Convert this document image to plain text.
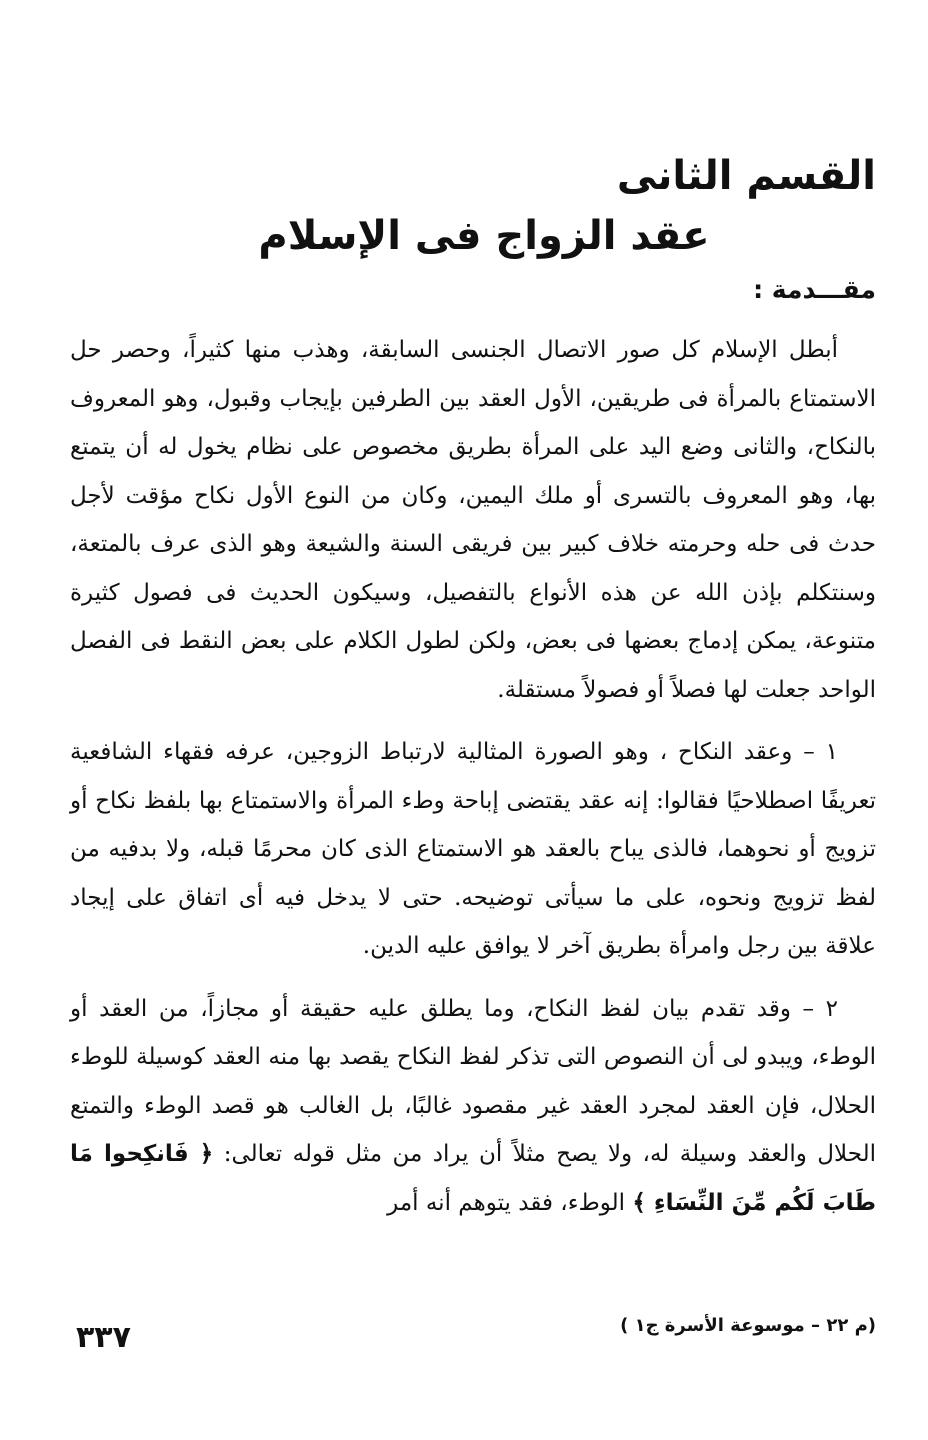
القسم الثانى
عقد الزواج فى الإسلام
مقـــدمة :

أبطل الإسلام كل صور الاتصال الجنسى السابقة، وهذب منها كثيراً، وحصر حل الاستمتاع بالمرأة فى طريقين، الأول العقد بين الطرفين بإيجاب وقبول، وهو المعروف بالنكاح، والثانى وضع اليد على المرأة بطريق مخصوص على نظام يخول له أن يتمتع بها، وهو المعروف بالتسرى أو ملك اليمين، وكان من النوع الأول نكاح مؤقت لأجل حدث فى حله وحرمته خلاف كبير بين فريقى السنة والشيعة وهو الذى عرف بالمتعة، وسنتكلم بإذن الله عن هذه الأنواع بالتفصيل، وسيكون الحديث فى فصول كثيرة متنوعة، يمكن إدماج بعضها فى بعض، ولكن لطول الكلام على بعض النقط فى الفصل الواحد جعلت لها فصلاً أو فصولاً مستقلة.

١ – وعقد النكاح ، وهو الصورة المثالية لارتباط الزوجين، عرفه فقهاء الشافعية تعريفًا اصطلاحيًا فقالوا: إنه عقد يقتضى إباحة وطء المرأة والاستمتاع بها بلفظ نكاح أو تزويج أو نحوهما، فالذى يباح بالعقد هو الاستمتاع الذى كان محرمًا قبله، ولا بدفيه من لفظ تزويج ونحوه، على ما سيأتى توضيحه. حتى لا يدخل فيه أى اتفاق على إيجاد علاقة بين رجل وامرأة بطريق آخر لا يوافق عليه الدين.

٢ – وقد تقدم بيان لفظ النكاح، وما يطلق عليه حقيقة أو مجازاً، من العقد أو الوطء، ويبدو لى أن النصوص التى تذكر لفظ النكاح يقصد بها منه العقد كوسيلة للوطء الحلال، فإن العقد لمجرد العقد غير مقصود غالبًا، بل الغالب هو قصد الوطء والتمتع الحلال والعقد وسيلة له، ولا يصح مثلاً أن يراد من مثل قوله تعالى: ﴿ فَانكِحوا مَا طَابَ لَكُم مِّنَ النِّسَاءِ ﴾ الوطء، فقد يتوهم أنه أمر

(م ٢٢ – موسوعة الأسرة ج١ )
٣٣٧
